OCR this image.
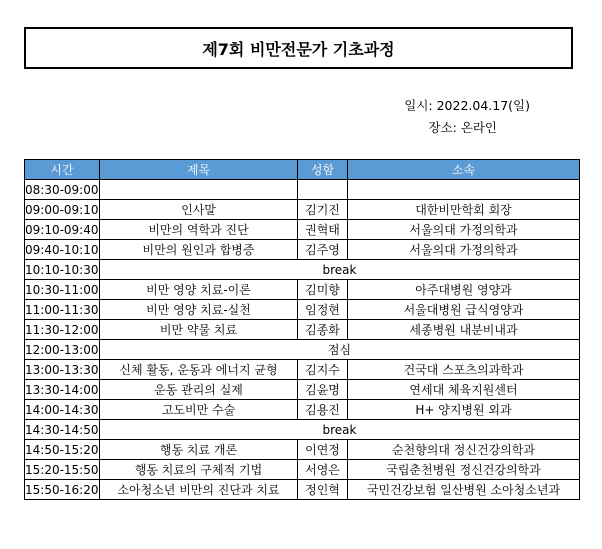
제7회 비만전문가 기초과정
일시: 2022.04.17(일)
장소: 온라인
시간	제목	성함	소속
08:30-09:00			
09:00-09:10	인사말	김기진	대한비만학회 회장
09:10-09:40	비만의 역학과 진단	권혁태	서울의대 가정의학과
09:40-10:10	비만의 원인과 합병증	김주영	서울의대 가정의학과
10:10-10:30	break		
10:30-11:00	비만 영양 치료-이론	김미향	아주대병원 영양과
11:00-11:30	비만 영양 치료-실천	임정현	서울대병원 급식영양과
11:30-12:00	비만 약물 치료	김종화	세종병원 내분비내과
12:00-13:00	점심		
13:00-13:30	신체 활동, 운동과 에너지 균형	김지수	건국대 스포츠의과학과
13:30-14:00	운동 관리의 실제	김윤명	연세대 체육지원센터
14:00-14:30	고도비만 수술	김용진	H+ 양지병원 외과
14:30-14:50	break		
14:50-15:20	행동 치료 개론	이연정	순천향의대 정신건강의학과
15:20-15:50	행동 치료의 구체적 기법	서영은	국립춘천병원 정신건강의학과
15:50-16:20	소아청소년 비만의 진단과 치료	정인혁	국민건강보험 일산병원 소아청소년과
